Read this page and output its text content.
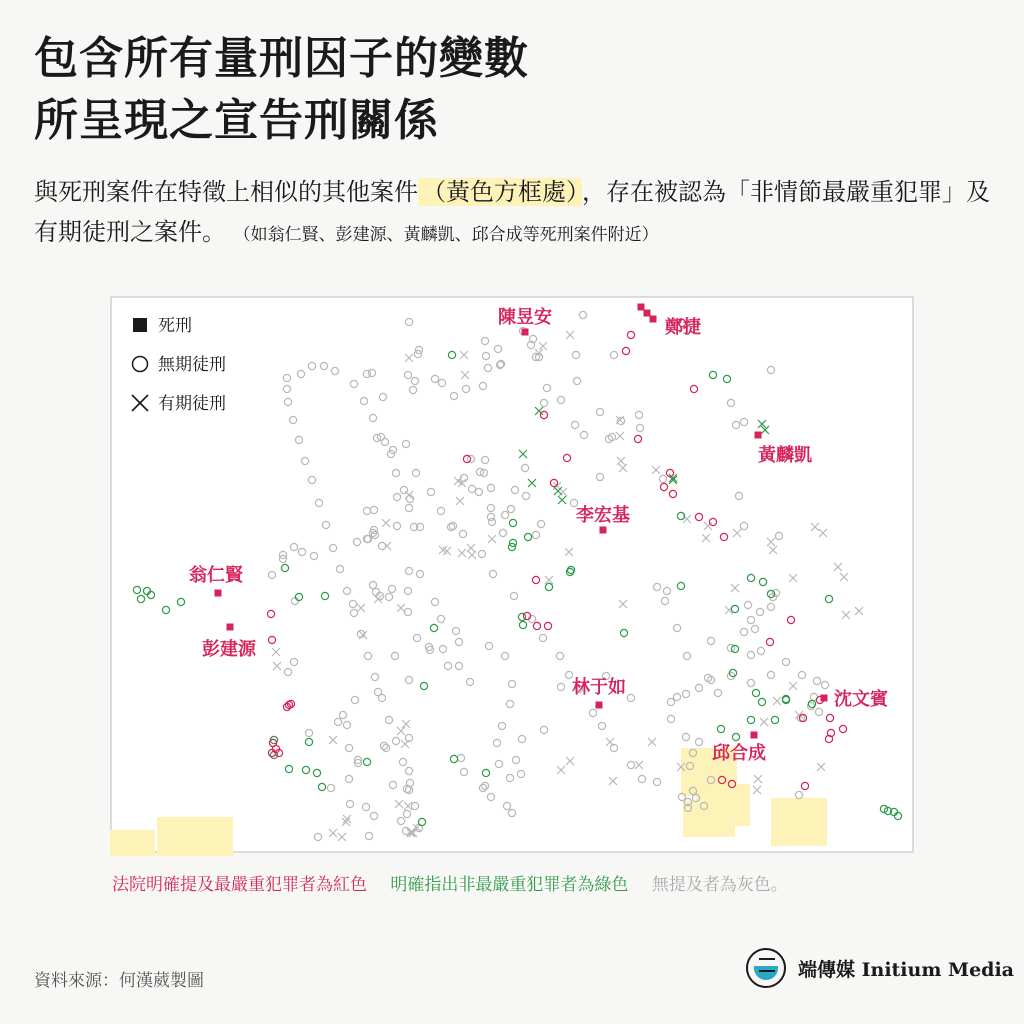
包含所有量刑因子的變數
所呈現之宣告刑關係

與死刑案件在特徵上相似的其他案件 （黃色方框處） ，存在被認為「非情節最嚴重犯罪」及有期徒刑之案件。 （如翁仁賢、彭建源、黃麟凱、邱合成等死刑案件附近）

陳昱安	鄭捷
黃麟凱
李宏基
翁仁賢
彭建源
林于如
沈文賓
邱合成
死刑
無期徒刑
有期徒刑
法院明確提及最嚴重犯罪者為紅色 明確指出非最嚴重犯罪者為綠色 無提及者為灰色。
資料來源：何漢葳製圖
端傳媒 Initium Media
